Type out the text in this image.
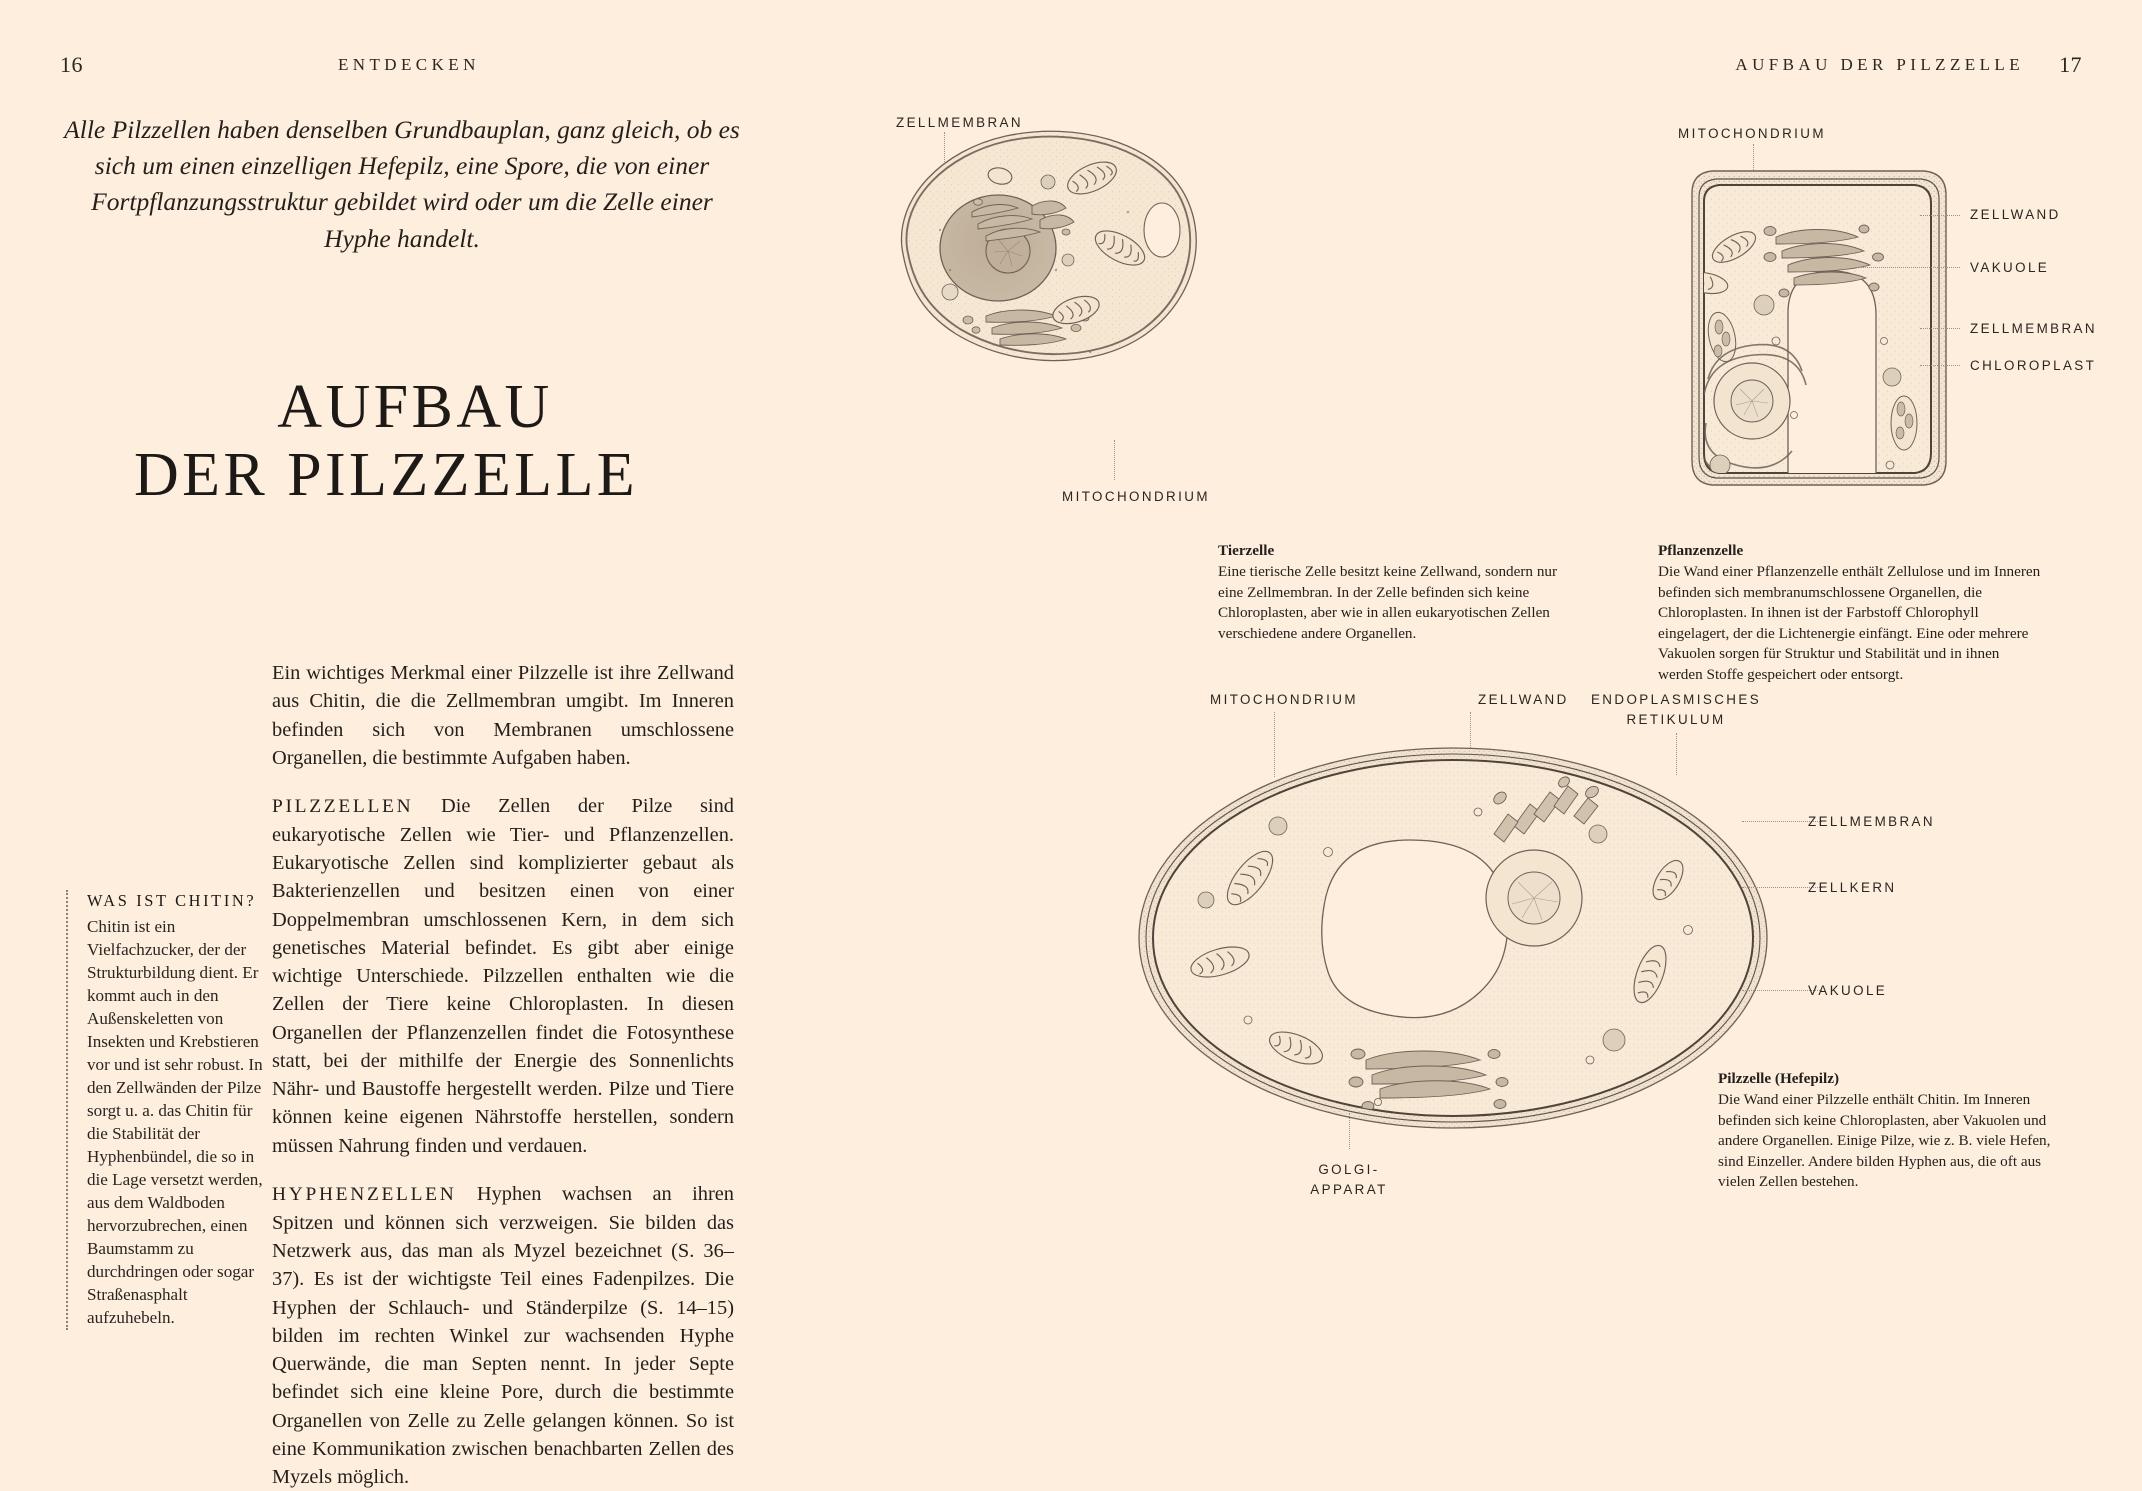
16	ENTDECKEN	AUFBAU DER PILZZELLE 17
Alle Pilzzellen haben denselben Grundbauplan, ganz gleich, ob es sich um einen einzelligen Hefepilz, eine Spore, die von einer Fortpflanzungsstruktur gebildet wird oder um die Zelle einer Hyphe handelt.
AUFBAU
DER PILZZELLE

Ein wichtiges Merkmal einer Pilzzelle ist ihre Zellwand aus Chitin, die die Zellmembran umgibt. Im Inneren befinden sich von Membranen umschlossene Organellen, die bestimmte Aufgaben haben.

PILZZELLEN Die Zellen der Pilze sind eukaryotische Zellen wie Tier- und Pflanzenzellen. Eukaryotische Zellen sind komplizierter gebaut als Bakterienzellen und besitzen einen von einer Doppelmembran umschlossenen Kern, in dem sich genetisches Material befindet. Es gibt aber einige wichtige Unterschiede. Pilzzellen enthalten wie die Zellen der Tiere keine Chloroplasten. In diesen Organellen der Pflanzenzellen findet die Fotosynthese statt, bei der mithilfe der Energie des Sonnenlichts Nähr- und Baustoffe hergestellt werden. Pilze und Tiere können keine eigenen Nährstoffe herstellen, sondern müssen Nahrung finden und verdauen.

HYPHENZELLEN Hyphen wachsen an ihren Spitzen und können sich verzweigen. Sie bilden das Netzwerk aus, das man als Myzel bezeichnet (S. 36–37). Es ist der wichtigste Teil eines Fadenpilzes. Die Hyphen der Schlauch- und Ständerpilze (S. 14–15) bilden im rechten Winkel zur wachsenden Hyphe Querwände, die man Septen nennt. In jeder Septe befindet sich eine kleine Pore, durch die bestimmte Organellen von Zelle zu Zelle gelangen können. So ist eine Kommunikation zwischen benachbarten Zellen des Myzels möglich.

WAS IST CHITIN?

Chitin ist ein Vielfachzucker, der der Strukturbildung dient. Er kommt auch in den Außenskeletten von Insekten und Krebstieren vor und ist sehr robust. In den Zellwänden der Pilze sorgt u. a. das Chitin für die Stabilität der Hyphenbündel, die so in die Lage versetzt werden, aus dem Waldboden hervorzubrechen, einen Baumstamm zu durchdringen oder sogar Straßenasphalt aufzuhebeln.

ZELLMEMBRAN
MITOCHONDRIUM
Tierzelle
Eine tierische Zelle besitzt keine Zellwand, sondern nur eine Zellmembran. In der Zelle befinden sich keine Chloroplasten, aber wie in allen eukaryotischen Zellen verschiedene andere Organellen.
MITOCHONDRIUM
ZELLWAND
VAKUOLE
ZELLMEMBRAN
CHLOROPLAST
Pflanzenzelle
Die Wand einer Pflanzenzelle enthält Zellulose und im Inneren befinden sich membranumschlossene Organellen, die Chloroplasten. In ihnen ist der Farbstoff Chlorophyll eingelagert, der die Lichtenergie einfängt. Eine oder mehrere Vakuolen sorgen für Struktur und Stabilität und in ihnen werden Stoffe gespeichert oder entsorgt.
MITOCHONDRIUM	ZELLWAND	ENDOPLASMISCHES
RETIKULUM
ZELLMEMBRAN
ZELLKERN
VAKUOLE
GOLGI-
APPARAT
Pilzzelle (Hefepilz)
Die Wand einer Pilzzelle enthält Chitin. Im Inneren befinden sich keine Chloroplasten, aber Vakuolen und andere Organellen. Einige Pilze, wie z. B. viele Hefen, sind Einzeller. Andere bilden Hyphen aus, die oft aus vielen Zellen bestehen.
